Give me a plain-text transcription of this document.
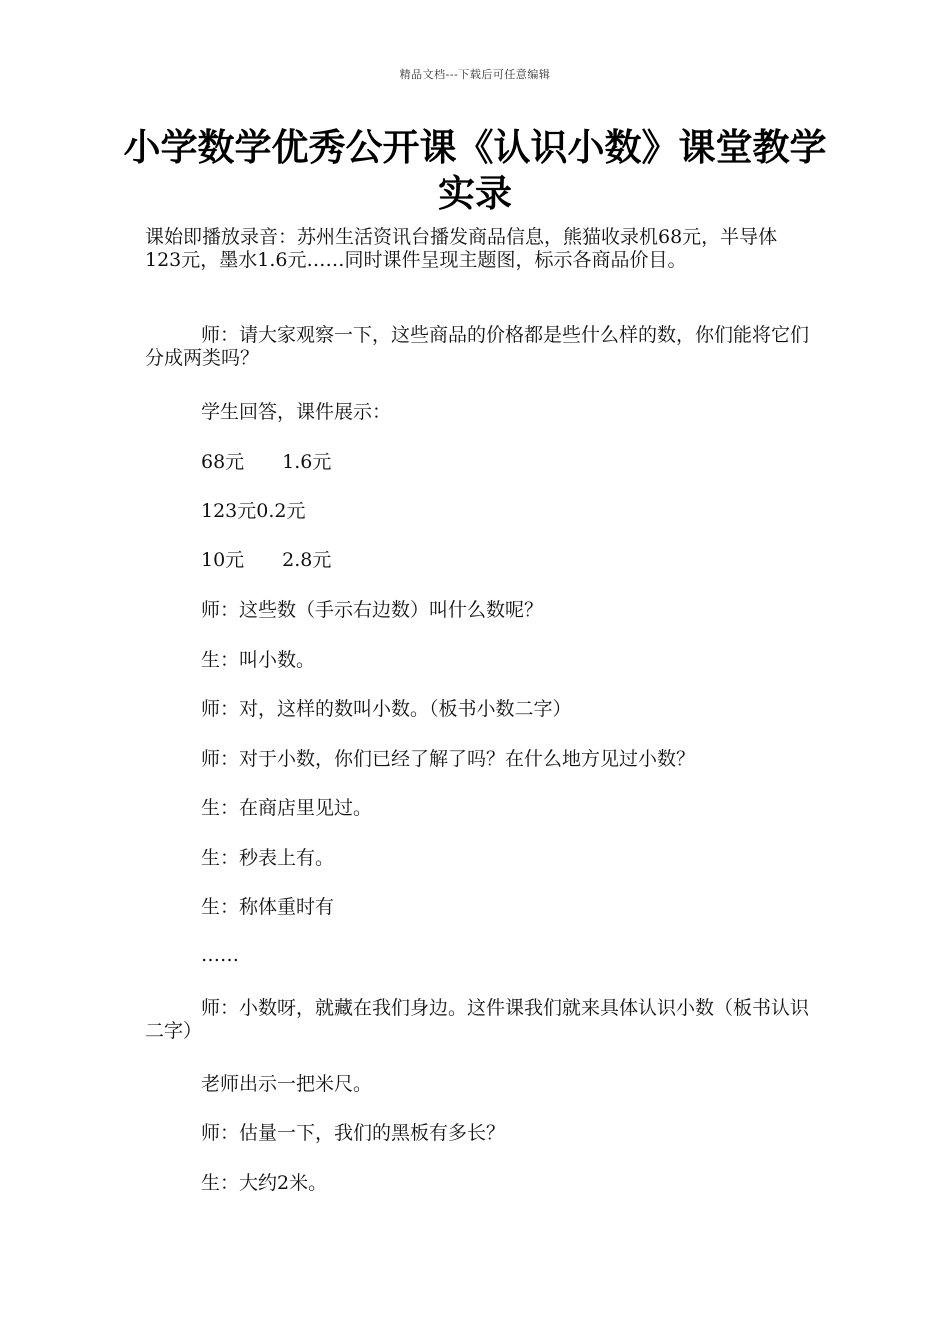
精品文档---下载后可任意编辑
小学数学优秀公开课《认识小数》课堂教学实录
课始即播放录音：苏州生活资讯台播发商品信息，熊猫收录机68元，半导体123元，墨水1.6元……同时课件呈现主题图，标示各商品价目。
师：请大家观察一下，这些商品的价格都是些什么样的数，你们能将它们分成两类吗？
学生回答，课件展示：
68元　　1.6元
123元0.2元
10元　　2.8元
师：这些数（手示右边数）叫什么数呢？
生：叫小数。
师：对，这样的数叫小数。（板书小数二字）
师：对于小数，你们已经了解了吗？在什么地方见过小数？
生：在商店里见过。
生：秒表上有。
生：称体重时有
……
师：小数呀，就藏在我们身边。这件课我们就来具体认识小数（板书认识二字）
老师出示一把米尺。
师：估量一下，我们的黑板有多长？
生：大约2米。
